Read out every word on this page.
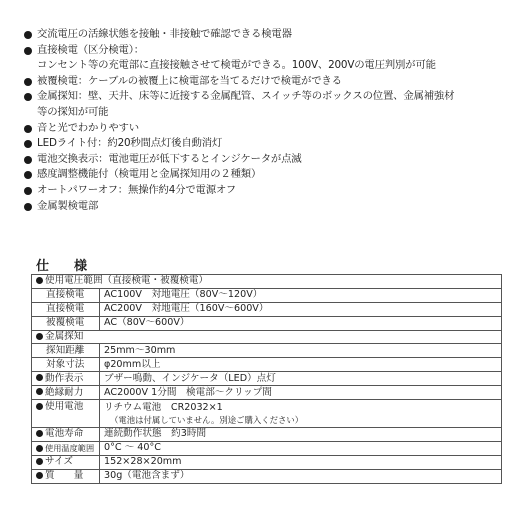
交流電圧の活線状態を接触・非接触で確認できる検電器
直接検電（区分検電）：
コンセント等の充電部に直接接触させて検電ができる。100V、200Vの電圧判別が可能
被覆検電：ケーブルの被覆上に検電部を当てるだけで検電ができる
金属探知：壁、天井、床等に近接する金属配管、スイッチ等のボックスの位置、金属補強材
等の探知が可能
音と光でわかりやすい
LEDライト付：約20秒間点灯後自動消灯
電池交換表示：電池電圧が低下するとインジケータが点滅
感度調整機能付（検電用と金属探知用の２種類）
オートパワーオフ：無操作約4分で電源オフ
金属製検電部
仕　様
使用電圧範囲（直接検電・被覆検電）	
直接検電	AC100V　対地電圧（80V〜120V）
直接検電	AC200V　対地電圧（160V〜600V）
被覆検電	AC（80V〜600V）
金属探知	
探知距離	25mm〜30mm
対象寸法	φ20mm以上
動作表示	ブザー鳴動、インジケータ（LED）点灯
絶縁耐力	AC2000V 1分間　検電部〜クリップ間
使用電池	リチウム電池　CR2032×1
（電池は付属していません。別途ご購入ください）

電池寿命	連続動作状態　約3時間
使用温度範囲	0°C 〜 40°C
サイズ	152×28×20mm
質　　量	30g（電池含まず）
